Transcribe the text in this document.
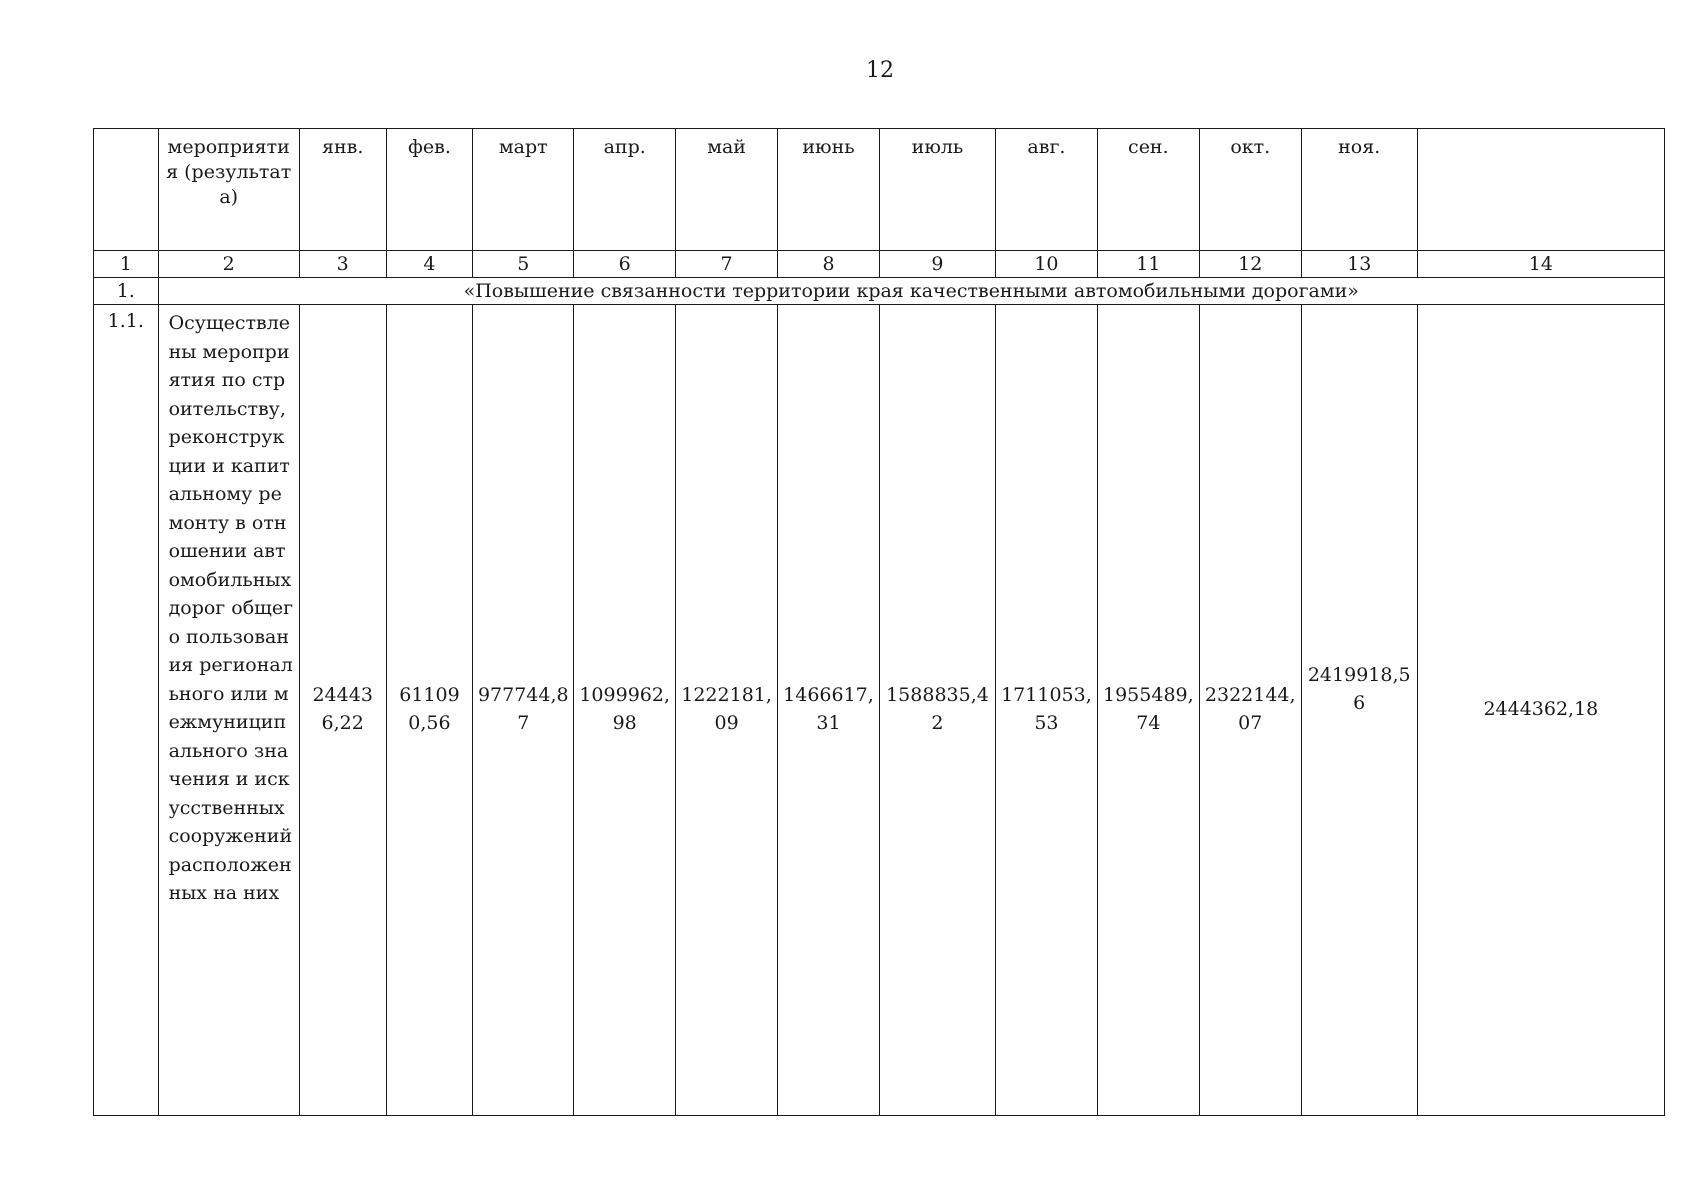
12
	мероприятия (результата)	янв.	фев.	март	апр.	май	июнь	июль	авг.	сен.	окт.	ноя.	
1	2	3	4	5	6	7	8	9	10	11	12	13	14
1.	«Повышение связанности территории края качественными автомобильными дорогами»												
1.1.	Осуществлены мероприятия по строительству, реконструкции и капитальному ремонту в отношении автомобильных дорог общего пользования регионального или межмуниципального значения и искусственных сооружений расположенных на них	244436,22	611090,56	977744,87	1099962,98	1222181,09	1466617,31	1588835,42	1711053,53	1955489,74	2322144,07	2419918,56	2444362,18
